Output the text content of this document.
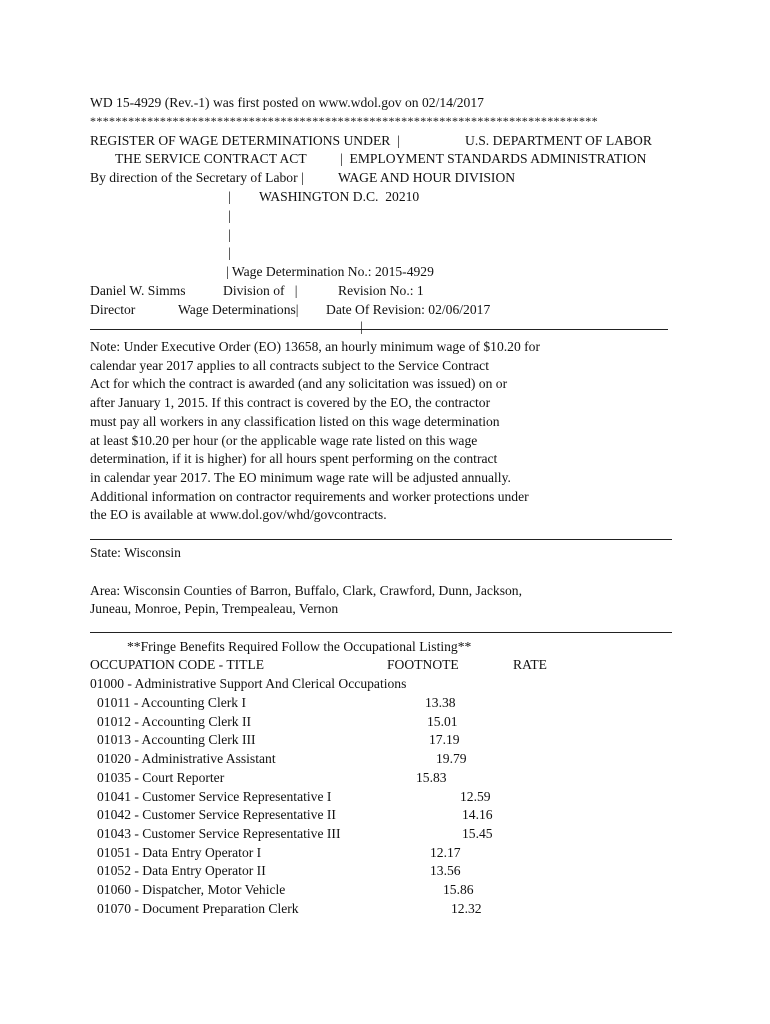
WD 15-4929 (Rev.-1) was first posted on www.wdol.gov on 02/14/2017
********************************************************************************
REGISTER OF WAGE DETERMINATIONS UNDER  |	U.S. DEPARTMENT OF LABOR
THE SERVICE CONTRACT ACT |  EMPLOYMENT STANDARDS ADMINISTRATION
By direction of the Secretary of Labor |	WAGE AND HOUR DIVISION
| WASHINGTON D.C.  20210
|
|
|
| Wage Determination No.: 2015-4929
Daniel W. Simms	Division of   |	Revision No.: 1
Director	Wage Determinations| Date Of Revision: 02/06/2017
|
Note: Under Executive Order (EO) 13658, an hourly minimum wage of $10.20 for
calendar year 2017 applies to all contracts subject to the Service Contract
Act for which the contract is awarded (and any solicitation was issued) on or
after January 1, 2015. If this contract is covered by the EO, the contractor
must pay all workers in any classification listed on this wage determination
at least $10.20 per hour (or the applicable wage rate listed on this wage
determination, if it is higher) for all hours spent performing on the contract
in calendar year 2017. The EO minimum wage rate will be adjusted annually.
Additional information on contractor requirements and worker protections under
the EO is available at www.dol.gov/whd/govcontracts.
State: Wisconsin
Area: Wisconsin Counties of Barron, Buffalo, Clark, Crawford, Dunn, Jackson,
Juneau, Monroe, Pepin, Trempealeau, Vernon
**Fringe Benefits Required Follow the Occupational Listing**
OCCUPATION CODE - TITLE	FOOTNOTE	RATE
01000 - Administrative Support And Clerical Occupations
01011 - Accounting Clerk I	13.38
01012 - Accounting Clerk II	15.01
01013 - Accounting Clerk III	17.19
01020 - Administrative Assistant	19.79
01035 - Court Reporter	15.83
01041 - Customer Service Representative I	12.59
01042 - Customer Service Representative II	14.16
01043 - Customer Service Representative III	15.45
01051 - Data Entry Operator I	12.17
01052 - Data Entry Operator II	13.56
01060 - Dispatcher, Motor Vehicle	15.86
01070 - Document Preparation Clerk	12.32
